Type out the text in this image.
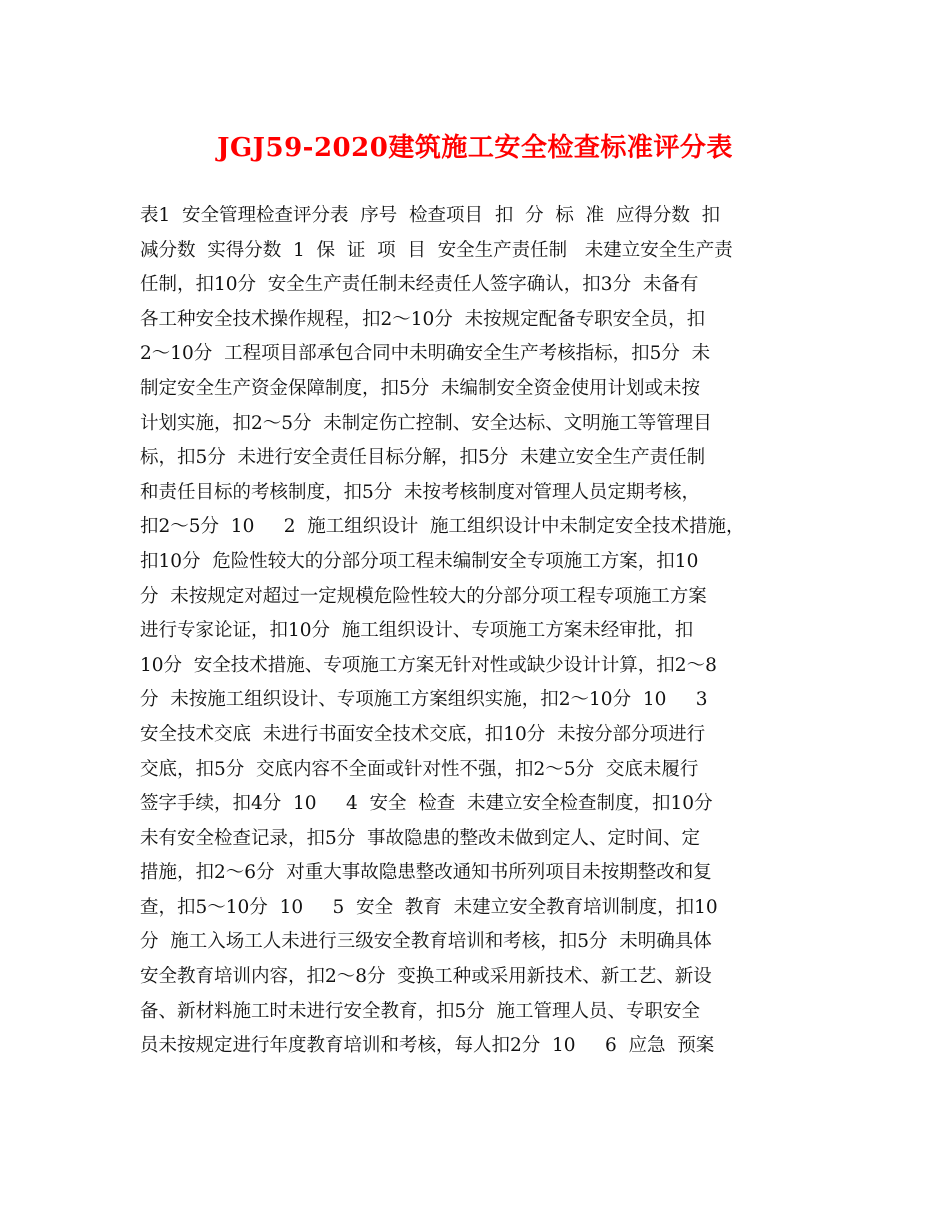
JGJ59-2020建筑施工安全检查标准评分表
表1  安全管理检查评分表  序号  检查项目  扣  分  标  准  应得分数  扣
减分数  实得分数  1  保  证  项  目  安全生产责任制   未建立安全生产责
任制，扣10分  安全生产责任制未经责任人签字确认，扣3分  未备有
各工种安全技术操作规程，扣2～10分  未按规定配备专职安全员，扣
2～10分  工程项目部承包合同中未明确安全生产考核指标，扣5分  未
制定安全生产资金保障制度，扣5分  未编制安全资金使用计划或未按
计划实施，扣2～5分  未制定伤亡控制、安全达标、文明施工等管理目
标，扣5分  未进行安全责任目标分解，扣5分  未建立安全生产责任制
和责任目标的考核制度，扣5分  未按考核制度对管理人员定期考核，
扣2～5分  10     2  施工组织设计  施工组织设计中未制定安全技术措施，
扣10分  危险性较大的分部分项工程未编制安全专项施工方案，扣10
分  未按规定对超过一定规模危险性较大的分部分项工程专项施工方案
进行专家论证，扣10分  施工组织设计、专项施工方案未经审批，扣
10分  安全技术措施、专项施工方案无针对性或缺少设计计算，扣2～8
分  未按施工组织设计、专项施工方案组织实施，扣2～10分  10     3
安全技术交底  未进行书面安全技术交底，扣10分  未按分部分项进行
交底，扣5分  交底内容不全面或针对性不强，扣2～5分  交底未履行
签字手续，扣4分  10     4  安全  检查  未建立安全检查制度，扣10分
未有安全检查记录，扣5分  事故隐患的整改未做到定人、定时间、定
措施，扣2～6分  对重大事故隐患整改通知书所列项目未按期整改和复
查，扣5～10分  10     5  安全  教育  未建立安全教育培训制度，扣10
分  施工入场工人未进行三级安全教育培训和考核，扣5分  未明确具体
安全教育培训内容，扣2～8分  变换工种或采用新技术、新工艺、新设
备、新材料施工时未进行安全教育，扣5分  施工管理人员、专职安全
员未按规定进行年度教育培训和考核，每人扣2分  10     6  应急  预案
